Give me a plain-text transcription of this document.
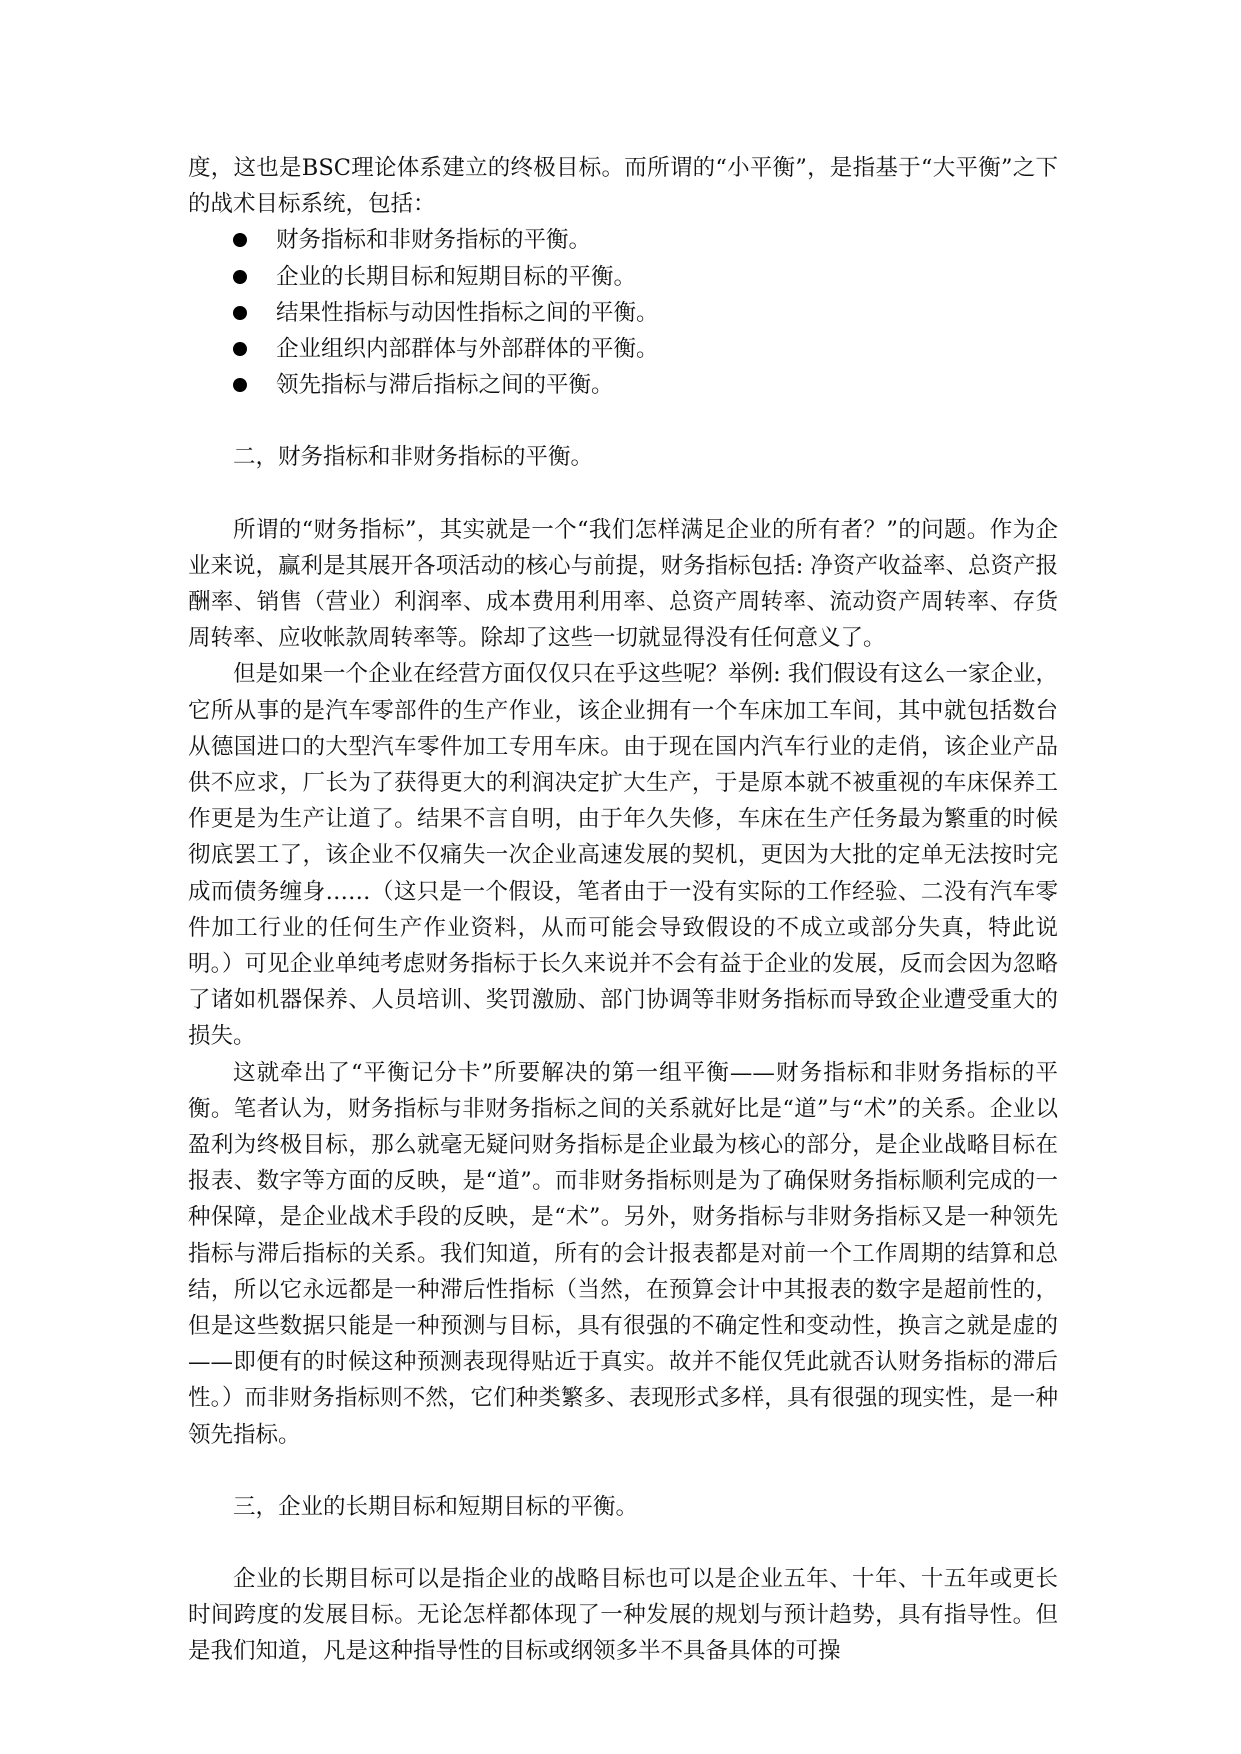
度，这也是BSC理论体系建立的终极目标。而所谓的“小平衡”，是指基于“大平衡”之下的战术目标系统，包括：

财务指标和非财务指标的平衡。
企业的长期目标和短期目标的平衡。
结果性指标与动因性指标之间的平衡。
企业组织内部群体与外部群体的平衡。
领先指标与滞后指标之间的平衡。

二，财务指标和非财务指标的平衡。

所谓的“财务指标”，其实就是一个“我们怎样满足企业的所有者？”的问题。作为企业来说，赢利是其展开各项活动的核心与前提，财务指标包括: 净资产收益率、总资产报酬率、销售（营业）利润率、成本费用利用率、总资产周转率、流动资产周转率、存货周转率、应收帐款周转率等。除却了这些一切就显得没有任何意义了。

但是如果一个企业在经营方面仅仅只在乎这些呢？举例: 我们假设有这么一家企业，它所从事的是汽车零部件的生产作业，该企业拥有一个车床加工车间，其中就包括数台从德国进口的大型汽车零件加工专用车床。由于现在国内汽车行业的走俏，该企业产品供不应求，厂长为了获得更大的利润决定扩大生产，于是原本就不被重视的车床保养工作更是为生产让道了。结果不言自明，由于年久失修，车床在生产任务最为繁重的时候彻底罢工了，该企业不仅痛失一次企业高速发展的契机，更因为大批的定单无法按时完成而债务缠身……（这只是一个假设，笔者由于一没有实际的工作经验、二没有汽车零件加工行业的任何生产作业资料，从而可能会导致假设的不成立或部分失真，特此说明。）可见企业单纯考虑财务指标于长久来说并不会有益于企业的发展，反而会因为忽略了诸如机器保养、人员培训、奖罚激励、部门协调等非财务指标而导致企业遭受重大的损失。

这就牵出了“平衡记分卡”所要解决的第一组平衡——财务指标和非财务指标的平衡。笔者认为，财务指标与非财务指标之间的关系就好比是“道”与“术”的关系。企业以盈利为终极目标，那么就毫无疑问财务指标是企业最为核心的部分，是企业战略目标在报表、数字等方面的反映，是“道”。而非财务指标则是为了确保财务指标顺利完成的一种保障，是企业战术手段的反映，是“术”。另外，财务指标与非财务指标又是一种领先指标与滞后指标的关系。我们知道，所有的会计报表都是对前一个工作周期的结算和总结，所以它永远都是一种滞后性指标（当然，在预算会计中其报表的数字是超前性的，但是这些数据只能是一种预测与目标，具有很强的不确定性和变动性，换言之就是虚的——即便有的时候这种预测表现得贴近于真实。故并不能仅凭此就否认财务指标的滞后性。）而非财务指标则不然，它们种类繁多、表现形式多样，具有很强的现实性，是一种领先指标。

三，企业的长期目标和短期目标的平衡。

企业的长期目标可以是指企业的战略目标也可以是企业五年、十年、十五年或更长时间跨度的发展目标。无论怎样都体现了一种发展的规划与预计趋势，具有指导性。但是我们知道，凡是这种指导性的目标或纲领多半不具备具体的可操
